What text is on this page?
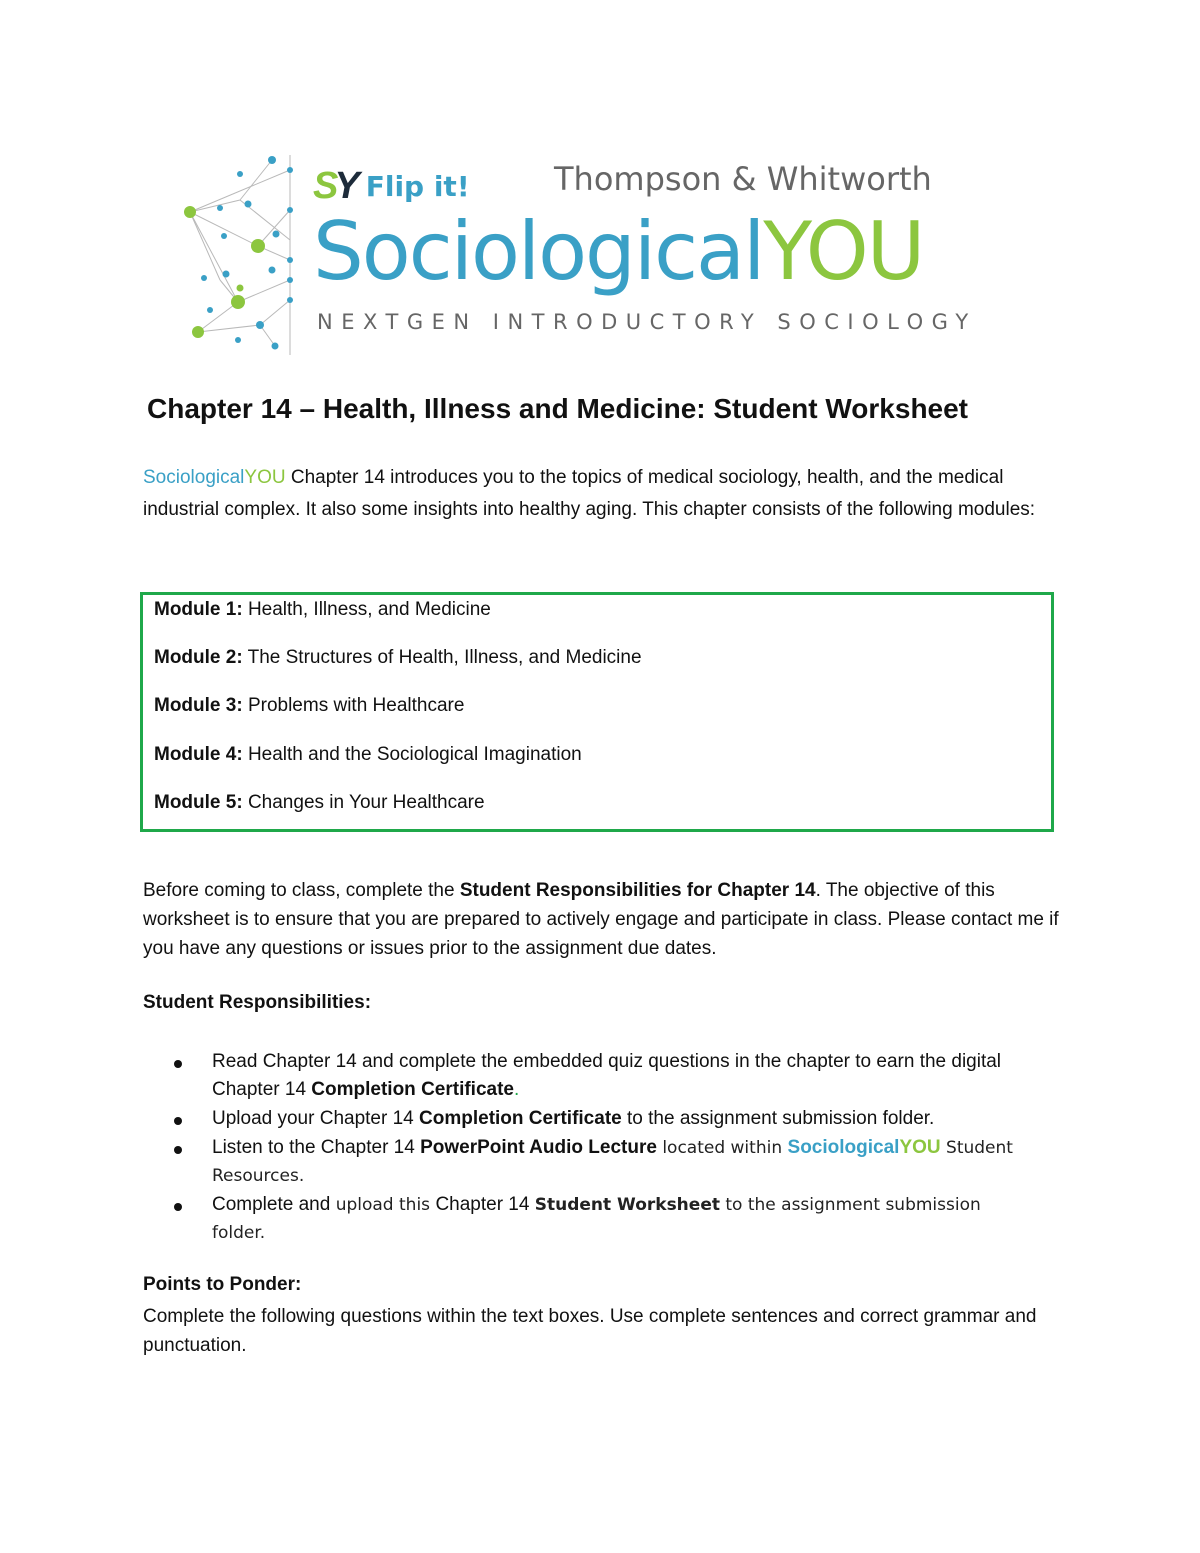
SY Flip it!	Thompson & Whitworth
SociologicalYOU
NEXTGEN INTRODUCTORY SOCIOLOGY
Chapter 14 – Health, Illness and Medicine: Student Worksheet
SociologicalYOU Chapter 14 introduces you to the topics of medical sociology, health, and the medical industrial complex. It also some insights into healthy aging. This chapter consists of the following modules:
Module 1: Health, Illness, and Medicine
Module 2: The Structures of Health, Illness, and Medicine
Module 3: Problems with Healthcare
Module 4: Health and the Sociological Imagination
Module 5: Changes in Your Healthcare
Before coming to class, complete the Student Responsibilities for Chapter 14. The objective of this worksheet is to ensure that you are prepared to actively engage and participate in class. Please contact me if you have any questions or issues prior to the assignment due dates.
Student Responsibilities:
Read Chapter 14 and complete the embedded quiz questions in the chapter to earn the digital Chapter 14 Completion Certificate.
Upload your Chapter 14 Completion Certificate to the assignment submission folder.
Listen to the Chapter 14 PowerPoint Audio Lecture located within SociologicalYOU Student Resources.
Complete and upload this Chapter 14 Student Worksheet to the assignment submission folder.
Points to Ponder:
Complete the following questions within the text boxes. Use complete sentences and correct grammar and punctuation.
